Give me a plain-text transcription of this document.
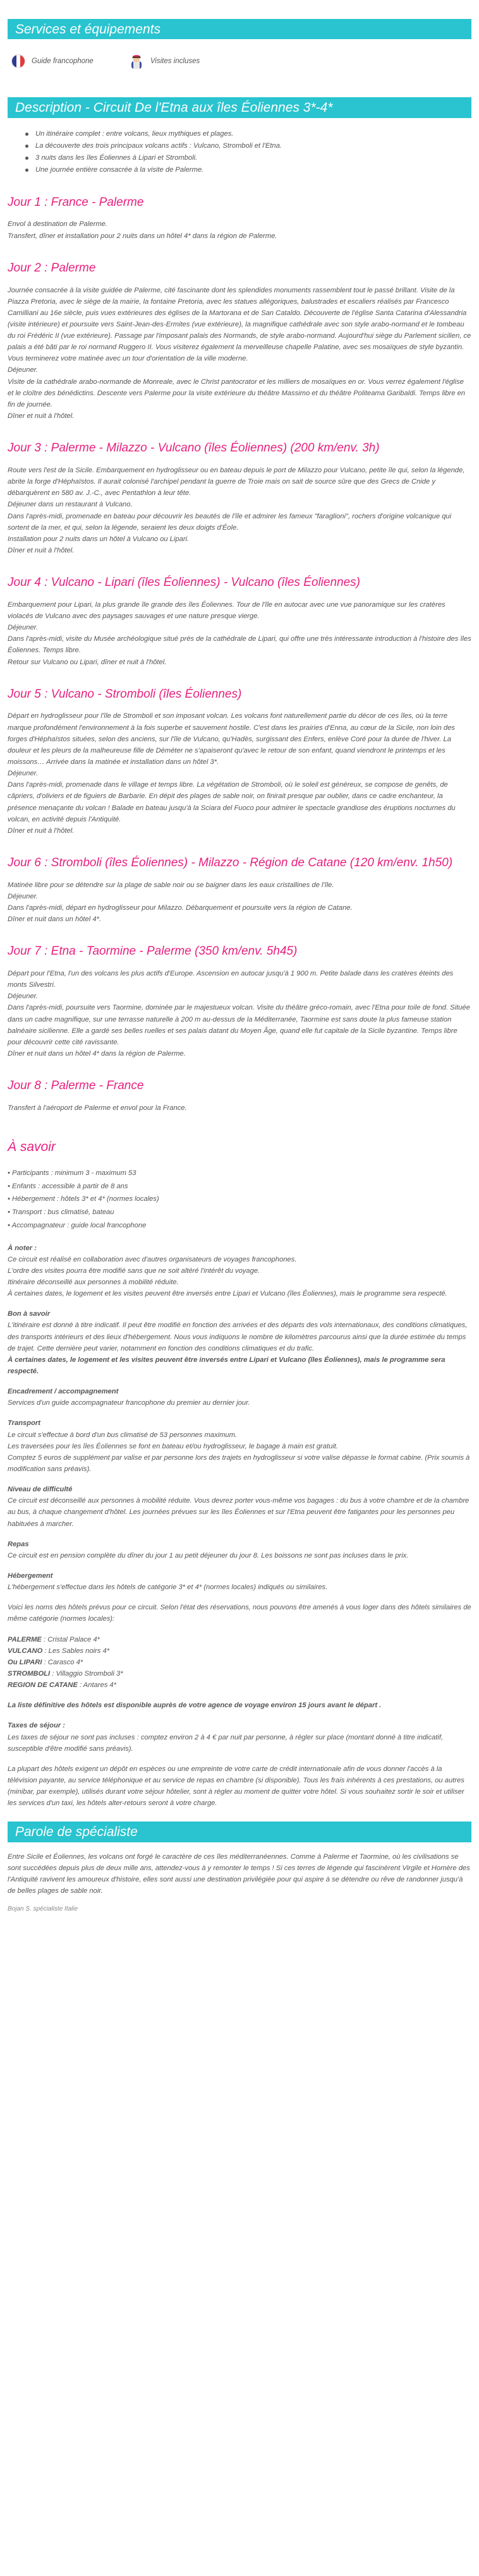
Services et équipements
Guide francophone	Visites incluses
Description - Circuit De l'Etna aux îles Éoliennes 3*-4*
Un itinéraire complet : entre volcans, lieux mythiques et plages.
La découverte des trois principaux volcans actifs : Vulcano, Stromboli et l'Etna.
3 nuits dans les îles Éoliennes à Lipari et Stromboli.
Une journée entière consacrée à la visite de Palerme.
Jour 1 : France - Palerme
Envol à destination de Palerme.
Transfert, dîner et installation pour 2 nuits dans un hôtel 4* dans la région de Palerme.
Jour 2 : Palerme
Journée consacrée à la visite guidée de Palerme, cité fascinante dont les splendides monuments rassemblent tout le passé brillant. Visite de la Piazza Pretoria, avec le siège de la mairie, la fontaine Pretoria, avec les statues allégoriques, balustrades et escaliers réalisés par Francesco Camilliani au 16e siècle, puis vues extérieures des églises de la Martorana et de San Cataldo. Découverte de l'église Santa Catarina d'Alessandria (visite intérieure) et poursuite vers Saint-Jean-des-Ermites (vue extérieure), la magnifique cathédrale avec son style arabo-normand et le tombeau du roi Frédéric II (vue extérieure). Passage par l'imposant palais des Normands, de style arabo-normand. Aujourd'hui siège du Parlement sicilien, ce palais a été bâti par le roi normand Ruggero II. Vous visiterez également la merveilleuse chapelle Palatine, avec ses mosaïques de style byzantin. Vous terminerez votre matinée avec un tour d'orientation de la ville moderne.
Déjeuner.
Visite de la cathédrale arabo-normande de Monreale, avec le Christ pantocrator et les milliers de mosaïques en or. Vous verrez également l'église et le cloître des bénédictins. Descente vers Palerme pour la visite extérieure du théâtre Massimo et du théâtre Politeama Garibaldi. Temps libre en fin de journée.
Dîner et nuit à l'hôtel.
Jour 3 : Palerme - Milazzo - Vulcano (îles Éoliennes) (200 km/env. 3h)
Route vers l'est de la Sicile. Embarquement en hydroglisseur ou en bateau depuis le port de Milazzo pour Vulcano, petite île qui, selon la légende, abrite la forge d'Héphaïstos. Il aurait colonisé l'archipel pendant la guerre de Troie mais on sait de source sûre que des Grecs de Cnide y débarquèrent en 580 av. J.-C., avec Pentathlon à leur tête.
Déjeuner dans un restaurant à Vulcano.
Dans l'après-midi, promenade en bateau pour découvrir les beautés de l'île et admirer les fameux "faraglioni", rochers d'origine volcanique qui sortent de la mer, et qui, selon la légende, seraient les deux doigts d'Éole.
Installation pour 2 nuits dans un hôtel à Vulcano ou Lipari.
Dîner et nuit à l'hôtel.
Jour 4 : Vulcano - Lipari (îles Éoliennes) - Vulcano (îles Éoliennes)
Embarquement pour Lipari, la plus grande île grande des îles Éoliennes. Tour de l'île en autocar avec une vue panoramique sur les cratères violacés de Vulcano avec des paysages sauvages et une nature presque vierge.
Déjeuner.
Dans l'après-midi, visite du Musée archéologique situé près de la cathédrale de Lipari, qui offre une très intéressante introduction à l'histoire des îles Éoliennes. Temps libre.
Retour sur Vulcano ou Lipari, dîner et nuit à l'hôtel.
Jour 5 : Vulcano - Stromboli (îles Éoliennes)
Départ en hydroglisseur pour l'île de Stromboli et son imposant volcan. Les volcans font naturellement partie du décor de ces îles, où la terre marque profondément l'environnement à la fois superbe et sauvement hostile. C'est dans les prairies d'Enna, au cœur de la Sicile, non loin des forges d'Héphaïstos situées, selon des anciens, sur l'île de Vulcano, qu'Hadès, surgissant des Enfers, enlève Coré pour la durée de l'hiver. La douleur et les pleurs de la malheureuse fille de Déméter ne s'apaiseront qu'avec le retour de son enfant, quand viendront le printemps et les moissons… Arrivée dans la matinée et installation dans un hôtel 3*.
Déjeuner.
Dans l'après-midi, promenade dans le village et temps libre. La végétation de Stromboli, où le soleil est généreux, se compose de genêts, de câpriers, d'oliviers et de figuiers de Barbarie. En dépit des plages de sable noir, on finirait presque par oublier, dans ce cadre enchanteur, la présence menaçante du volcan ! Balade en bateau jusqu'à la Sciara del Fuoco pour admirer le spectacle grandiose des éruptions nocturnes du volcan, en activité depuis l'Antiquité.
Dîner et nuit à l'hôtel.
Jour 6 : Stromboli (îles Éoliennes) - Milazzo - Région de Catane (120 km/env. 1h50)
Matinée libre pour se détendre sur la plage de sable noir ou se baigner dans les eaux cristallines de l'île.
Déjeuner.
Dans l'après-midi, départ en hydroglisseur pour Milazzo. Débarquement et poursuite vers la région de Catane.
Dîner et nuit dans un hôtel 4*.
Jour 7 : Etna - Taormine - Palerme (350 km/env. 5h45)
Départ pour l'Etna, l'un des volcans les plus actifs d'Europe. Ascension en autocar jusqu'à 1 900 m. Petite balade dans les cratères éteints des monts Silvestri.
Déjeuner.
Dans l'après-midi, poursuite vers Taormine, dominée par le majestueux volcan. Visite du théâtre gréco-romain, avec l'Etna pour toile de fond. Située dans un cadre magnifique, sur une terrasse naturelle à 200 m au-dessus de la Méditerranée, Taormine est sans doute la plus fameuse station balnéaire sicilienne. Elle a gardé ses belles ruelles et ses palais datant du Moyen Âge, quand elle fut capitale de la Sicile byzantine. Temps libre pour découvrir cette cité ravissante.
Dîner et nuit dans un hôtel 4* dans la région de Palerme.
Jour 8 : Palerme - France
Transfert à l'aéroport de Palerme et envol pour la France.
À savoir
• Participants : minimum 3 - maximum 53
• Enfants : accessible à partir de 8 ans
• Hébergement : hôtels 3* et 4* (normes locales)
• Transport : bus climatisé, bateau
• Accompagnateur : guide local francophone
À noter :
Ce circuit est réalisé en collaboration avec d'autres organisateurs de voyages francophones.
L'ordre des visites pourra être modifié sans que ne soit altéré l'intérêt du voyage.
Itinéraire déconseillé aux personnes à mobilité réduite.
À certaines dates, le logement et les visites peuvent être inversés entre Lipari et Vulcano (îles Éoliennes), mais le programme sera respecté.
Bon à savoir
L'itinéraire est donné à titre indicatif. Il peut être modifié en fonction des arrivées et des départs des vols internationaux, des conditions climatiques, des transports intérieurs et des lieux d'hébergement. Nous vous indiquons le nombre de kilomètres parcourus ainsi que la durée estimée du temps de trajet. Cette dernière peut varier, notamment en fonction des conditions climatiques et du trafic.
À certaines dates, le logement et les visites peuvent être inversés entre Lipari et Vulcano (îles Éoliennes), mais le programme sera respecté.
Encadrement / accompagnement
Services d'un guide accompagnateur francophone du premier au dernier jour.
Transport
Le circuit s'effectue à bord d'un bus climatisé de 53 personnes maximum.
Les traversées pour les îles Éoliennes se font en bateau et/ou hydroglisseur, le bagage à main est gratuit.
Comptez 5 euros de supplément par valise et par personne lors des trajets en hydroglisseur si votre valise dépasse le format cabine. (Prix soumis à modification sans préavis).
Niveau de difficulté
Ce circuit est déconseillé aux personnes à mobilité réduite. Vous devrez porter vous-même vos bagages : du bus à votre chambre et de la chambre au bus, à chaque changement d'hôtel. Les journées prévues sur les îles Éoliennes et sur l'Etna peuvent être fatigantes pour les personnes peu habituées à marcher.
Repas
Ce circuit est en pension complète du dîner du jour 1 au petit déjeuner du jour 8. Les boissons ne sont pas incluses dans le prix.
Hébergement
L'hébergement s'effectue dans les hôtels de catégorie 3* et 4* (normes locales) indiqués ou similaires.
Voici les noms des hôtels prévus pour ce circuit. Selon l'état des réservations, nous pouvons être amenés à vous loger dans des hôtels similaires de même catégorie (normes locales):
PALERME : Cristal Palace 4*
VULCANO : Les Sables noirs 4*
Ou LIPARI : Carasco 4*
STROMBOLI : Villaggio Stromboli 3*
REGION DE CATANE : Antares 4*
La liste définitive des hôtels est disponible auprès de votre agence de voyage environ 15 jours avant le départ .
Taxes de séjour :
Les taxes de séjour ne sont pas incluses : comptez environ 2 à 4 € par nuit par personne, à régler sur place (montant donné à titre indicatif, susceptible d'être modifié sans préavis).
La plupart des hôtels exigent un dépôt en espèces ou une empreinte de votre carte de crédit internationale afin de vous donner l'accès à la télévision payante, au service téléphonique et au service de repas en chambre (si disponible). Tous les frais inhérents à ces prestations, ou autres (minibar, par exemple), utilisés durant votre séjour hôtelier, sont à régler au moment de quitter votre hôtel. Si vous souhaitez sortir le soir et utiliser les services d'un taxi, les hôtels alter-retours seront à votre charge.
Parole de spécialiste
Entre Sicile et Éoliennes, les volcans ont forgé le caractère de ces îles méditerranéennes. Comme à Palerme et Taormine, où les civilisations se sont succédées depuis plus de deux mille ans, attendez-vous à y remonter le temps ! Si ces terres de légende qui fascinèrent Virgile et Homère des l'Antiquité ravivent les amoureux d'histoire, elles sont aussi une destination privilégiée pour qui aspire à se détendre ou rêve de randonner jusqu'à de belles plages de sable noir.
Bojan S. spécialiste Italie
